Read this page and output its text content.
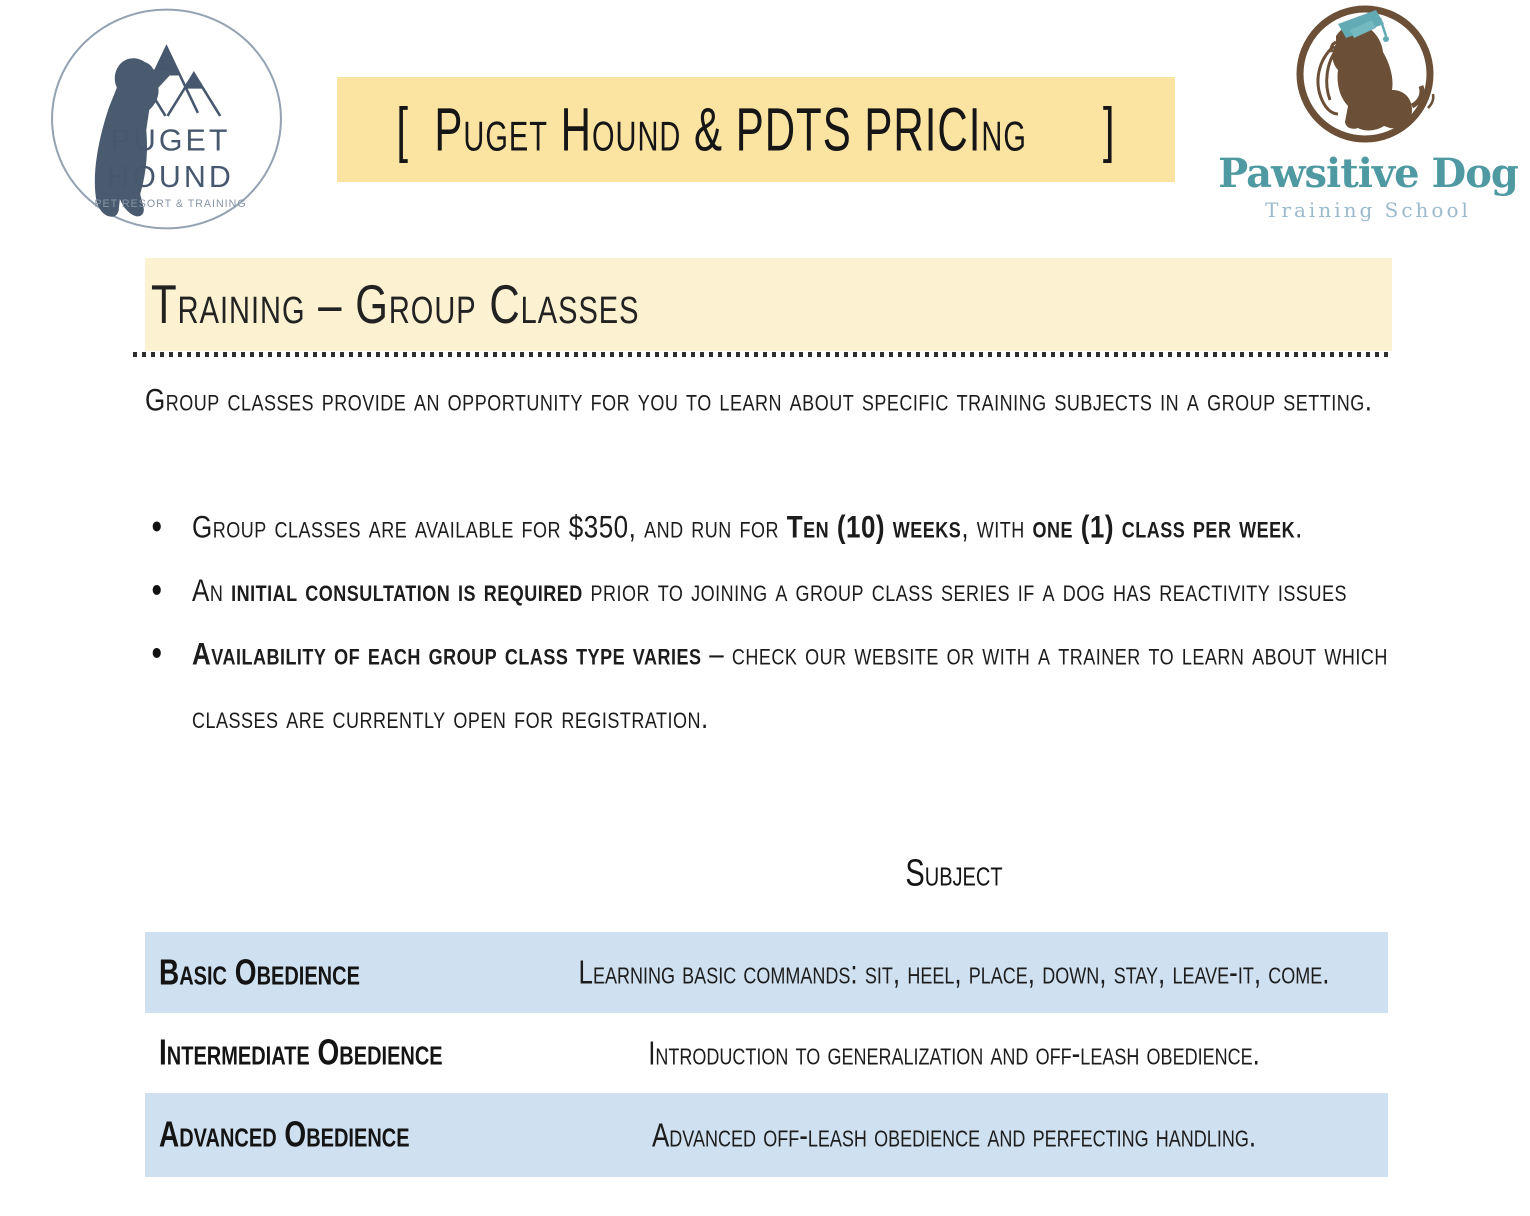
PUGET
HOUND
PET RESORT & TRAINING
[  Puget Hound & PDTS PRICIng      ]
Pawsitive Dog
Training School
Training – Group Classes
Group classes provide an opportunity for you to learn about specific training subjects in a group setting.
●	Group classes are available for $350, and run for Ten (10) weeks, with one (1) class per week.
●	An initial consultation is required prior to joining a group class series if a dog has reactivity issues
●	Availability of each group class type varies – check our website or with a trainer to learn about which classes are currently open for registration.
Subject
Basic Obedience	Learning basic commands: sit, heel, place, down, stay, leave-it, come.
Intermediate Obedience	Introduction to generalization and off-leash obedience.
Advanced Obedience	Advanced off-leash obedience and perfecting handling.
